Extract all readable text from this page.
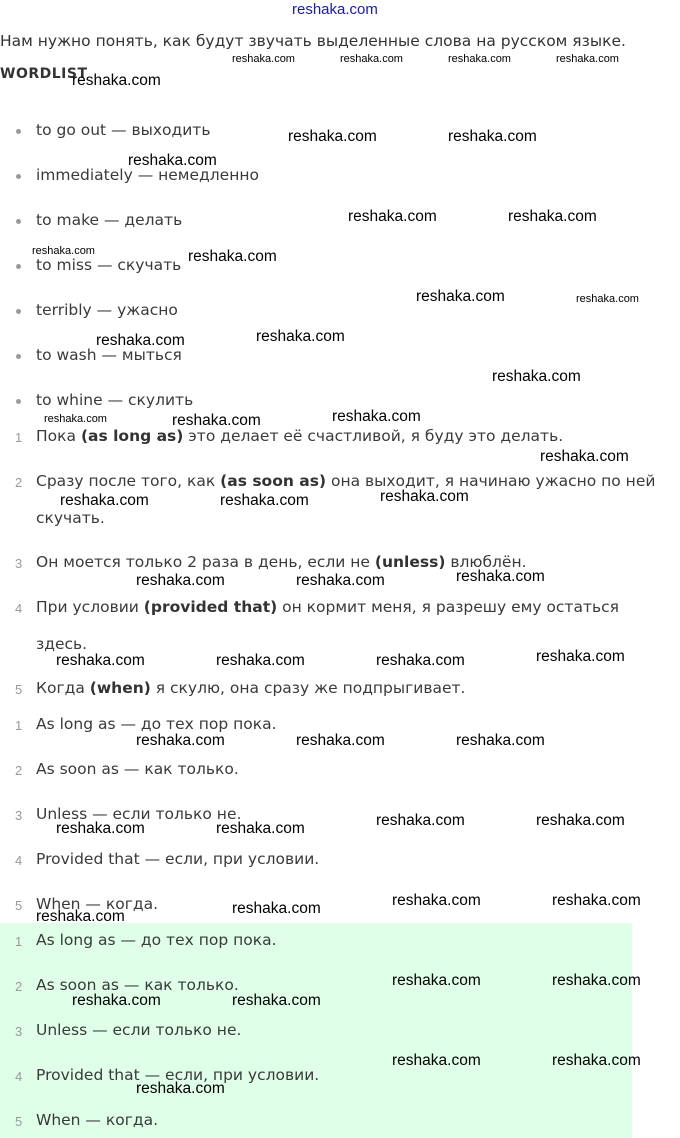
reshaka.com
Нам нужно понять, как будут звучать выделенные слова на русском языке.
WORDLIST
to go out — выходить
immediately — немедленно
to make — делать
to miss — скучать
terribly — ужасно
to wash — мыться
to whine — скулить
1 Пока (as long as) это делает её счастливой, я буду это делать.
2 Сразу после того, как (as soon as) она выходит, я начинаю ужасно по ней скучать.
3 Он моется только 2 раза в день, если не (unless) влюблён.
4 При условии (provided that) он кормит меня, я разрешу ему остаться здесь.
5 Когда (when) я скулю, она сразу же подпрыгивает.
1 As long as — до тех пор пока.
2 As soon as — как только.
3 Unless — если только не.
4 Provided that — если, при условии.
5 When — когда.
1 As long as — до тех пор пока.
2 As soon as — как только.
3 Unless — если только не.
4 Provided that — если, при условии.
5 When — когда.
reshaka.com	reshaka.com	reshaka.com	reshaka.com
reshaka.com
reshaka.com	reshaka.com
reshaka.com
reshaka.com	reshaka.com
reshaka.com	reshaka.com
reshaka.com	reshaka.com
reshaka.com	reshaka.com
reshaka.com
reshaka.com	reshaka.com	reshaka.com
reshaka.com
reshaka.com	reshaka.com	reshaka.com
reshaka.com	reshaka.com	reshaka.com
reshaka.com	reshaka.com	reshaka.com	reshaka.com
reshaka.com	reshaka.com	reshaka.com
reshaka.com	reshaka.com	reshaka.com	reshaka.com
reshaka.com	reshaka.com	reshaka.com
reshaka.com
reshaka.com	reshaka.com
reshaka.com	reshaka.com
reshaka.com	reshaka.com
reshaka.com
